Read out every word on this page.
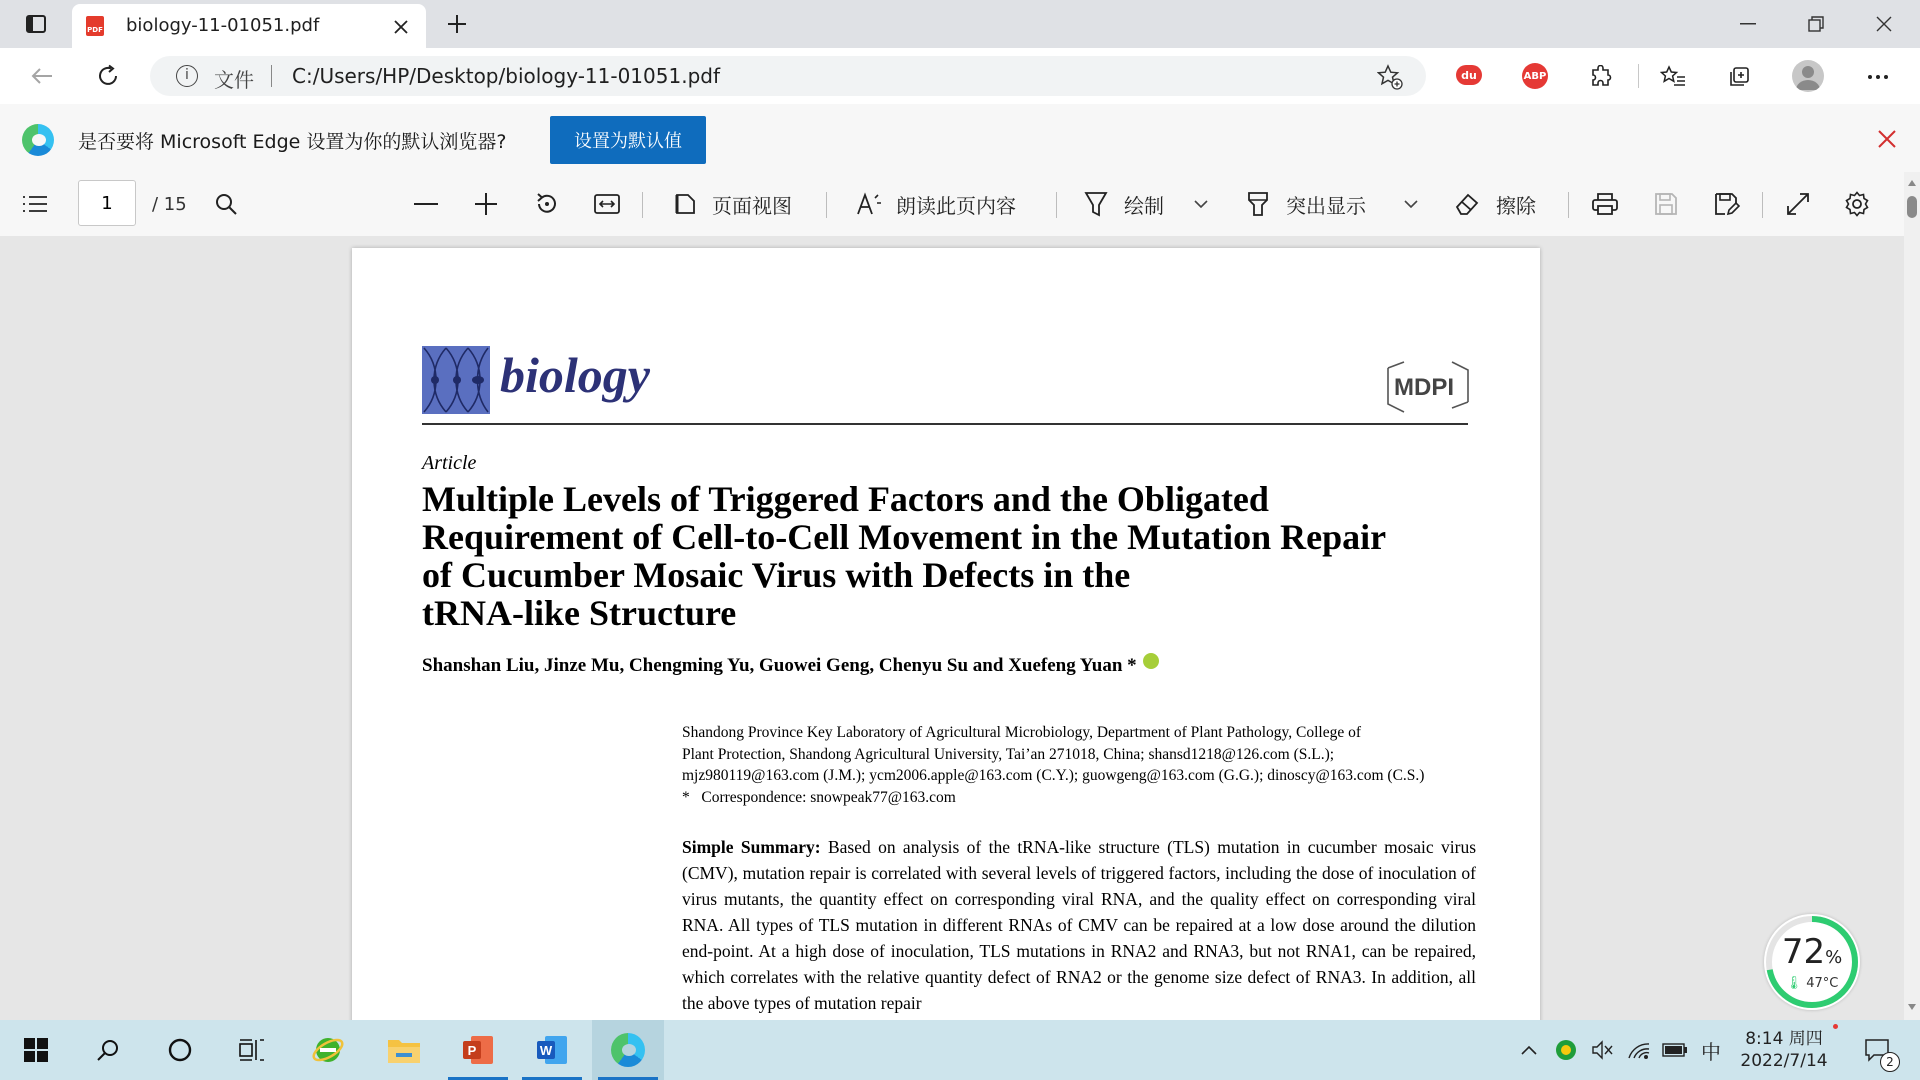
PDF biology-11-01051.pdf
i	文件 C:/Users/HP/Desktop/biology-11-01051.pdf	du	ABP
是否要将 Microsoft Edge 设置为你的默认浏览器?	设置为默认值
1
/ 15	页面视图	朗读此页内容	绘制	突出显示	擦除
biology	MDPI
Article
Multiple Levels of Triggered Factors and the Obligated
Requirement of Cell-to-Cell Movement in the Mutation Repair
of Cucumber Mosaic Virus with Defects in the
tRNA-like Structure
Shanshan Liu, Jinze Mu, Chengming Yu, Guowei Geng, Chenyu Su and Xuefeng Yuan *
Shandong Province Key Laboratory of Agricultural Microbiology, Department of Plant Pathology, College of
Plant Protection, Shandong Agricultural University, Tai’an 271018, China; shansd1218@126.com (S.L.);
mjz980119@163.com (J.M.); ycm2006.apple@163.com (C.Y.); guowgeng@163.com (G.G.); dinoscy@163.com (C.S.)
*   Correspondence: snowpeak77@163.com
Simple Summary: Based on analysis of the tRNA-like structure (TLS) mutation in cucumber mosaic virus (CMV), mutation repair is correlated with several levels of triggered factors, including the dose of inoculation of virus mutants, the quantity effect on corresponding viral RNA, and the quality effect on corresponding viral RNA. All types of TLS mutation in different RNAs of CMV can be repaired at a low dose around the dilution end-point. At a high dose of inoculation, TLS mutations in RNA2 and RNA3, but not RNA1, can be repaired, which correlates with the relative quantity defect of RNA2 or the genome size defect of RNA3. In addition, all the above types of mutation repair
72%
🌡 47°C
P	W	中
8:14 周四
2022/7/14	2
